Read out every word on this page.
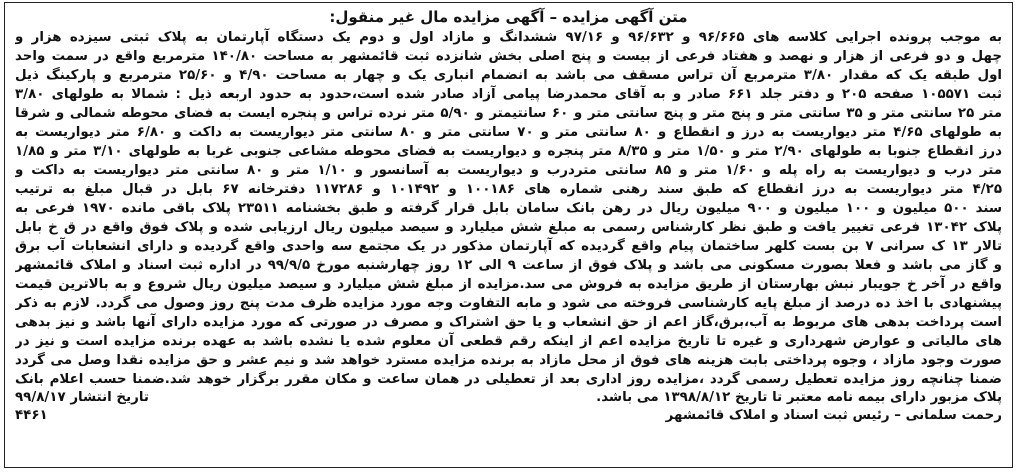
متن آگهی مزایده – آگهی مزایده مال غیر منقول:
به موجب پرونده اجرایی کلاسه های ۹۶/۶۶۵ و ۹۶/۶۳۲ و ۹۷/۱۶ ششدانگ و مازاد اول و دوم یک دستگاه آپارتمان به پلاک ثبتی سیزده هزار و
چهل و دو فرعی از هزار و نهصد و هفتاد فرعی از بیست و پنج اصلی بخش شانزده ثبت قائمشهر به مساحت ۱۴۰/۸۰ مترمربع واقع در سمت واحد
اول طبقه یک که مقدار ۳/۸۰ مترمربع آن تراس مسقف می باشد به انضمام انباری یک و چهار به مساحت ۴/۹۰ و ۲۵/۶۰ مترمربع و پارکینگ ذیل
ثبت ۱۰۵۵۷۱ صفحه ۲۰۵ و دفتر جلد ۶۶۱ صادر و به آقای محمدرضا پیامی آزاد صادر شده است،حدود به حدود اربعه ذیل : شمالا به طولهای ۳/۸۰
متر ۲۵ سانتی متر و ۳۵ سانتی متر و پنج متر و پنج سانتی متر و ۶۰ سانتیمتر و ۵/۹۰ متر نرده تراس و پنجره ایست به فضای محوطه شمالی و شرقا
به طولهای ۴/۶۵ متر دیواریست به درز و انقطاع و ۸۰ سانتی متر و ۷۰ سانتی متر و ۸۰ سانتی متر دیواریست به داکت و ۶/۸۰ متر دیواریست به
درز انقطاع جنوبا به طولهای ۲/۹۰ متر و ۱/۵۰ متر و ۸/۳۵ متر پنجره و دیواریست به فضای محوطه مشاعی جنوبی غربا به طولهای ۳/۱۰ متر و ۱/۸۵
متر درب و دیواریست به راه پله و ۱/۶۰ متر و ۸۵ سانتی متردرب و دیواریست به آسانسور و ۱/۱۰ متر و ۸۰ سانتی متر دیواریست به داکت و
۴/۲۵ متر دیواریست به درز انقطاع که طبق سند رهنی شماره های ۱۰۰۱۸۶ و ۱۰۱۴۹۲ و ۱۱۷۲۸۶ دفترخانه ۶۷ بابل در قبال مبلغ به ترتیب
سند ۵۰۰ میلیون و ۱۰۰ میلیون و ۹۰۰ میلیون ریال در رهن بانک سامان بابل قرار گرفته و طبق بخشنامه ۲۳۵۱۱ پلاک باقی مانده ۱۹۷۰ فرعی به
پلاک ۱۳۰۴۲ فرعی تغییر یافت و طبق نظر کارشناس رسمی به مبلغ شش میلیارد و سیصد میلیون ریال ارزیابی شده و پلاک فوق واقع در ق خ بابل
تالار ۱۳ ک سرانی ۷ بن بست کلهر ساختمان پیام واقع گردیده که آپارتمان مذکور در یک مجتمع سه واحدی واقع گردیده و دارای انشعابات آب برق
و گاز می باشد و فعلا بصورت مسکونی می باشد و پلاک فوق از ساعت ۹ الی ۱۲ روز چهارشنبه مورخ ۹۹/۹/۵ در اداره ثبت اسناد و املاک قائمشهر
واقع در آخر خ جویبار نبش بهارستان از طریق مزایده به فروش می سد.مزایده از مبلغ شش میلیارد و سیصد میلیون ریال شروع و به بالاترین قیمت
پیشنهادی با اخذ ده درصد از مبلغ پایه کارشناسی فروخته می شود و مابه التفاوت وجه مورد مزایده ظرف مدت پنج روز وصول می گردد. لازم به ذکر
است پرداخت بدهی های مربوط به آب،برق،گاز اعم از حق انشعاب و یا حق اشتراک و مصرف در صورتی که مورد مزایده دارای آنها باشد و نیز بدهی
های مالیاتی و عوارض شهرداری و غیره تا تاریخ مزایده اعم از اینکه رقم قطعی آن معلوم شده یا نشده باشد به عهده برنده مزایده است و نیز در
صورت وجود مازاد ، وجوه پرداختی بابت هزینه های فوق از محل مازاد به برنده مزایده مسترد خواهد شد و نیم عشر و حق مزایده نقدا وصل می گردد
ضمنا چنانچه روز مزایده تعطیل رسمی گردد ،مزایده روز اداری بعد از تعطیلی در همان ساعت و مکان مقرر برگزار خوهد شد.ضمنا حسب اعلام بانک
پلاک مزبور دارای بیمه نامه معتبر تا تاریخ ۱۳۹۸/۸/۱۲ می باشد.
تاریخ انتشار ۹۹/۸/۱۷
رحمت سلمانی – رئیس ثبت اسناد و املاک قائمشهر
۴۴۶۱
